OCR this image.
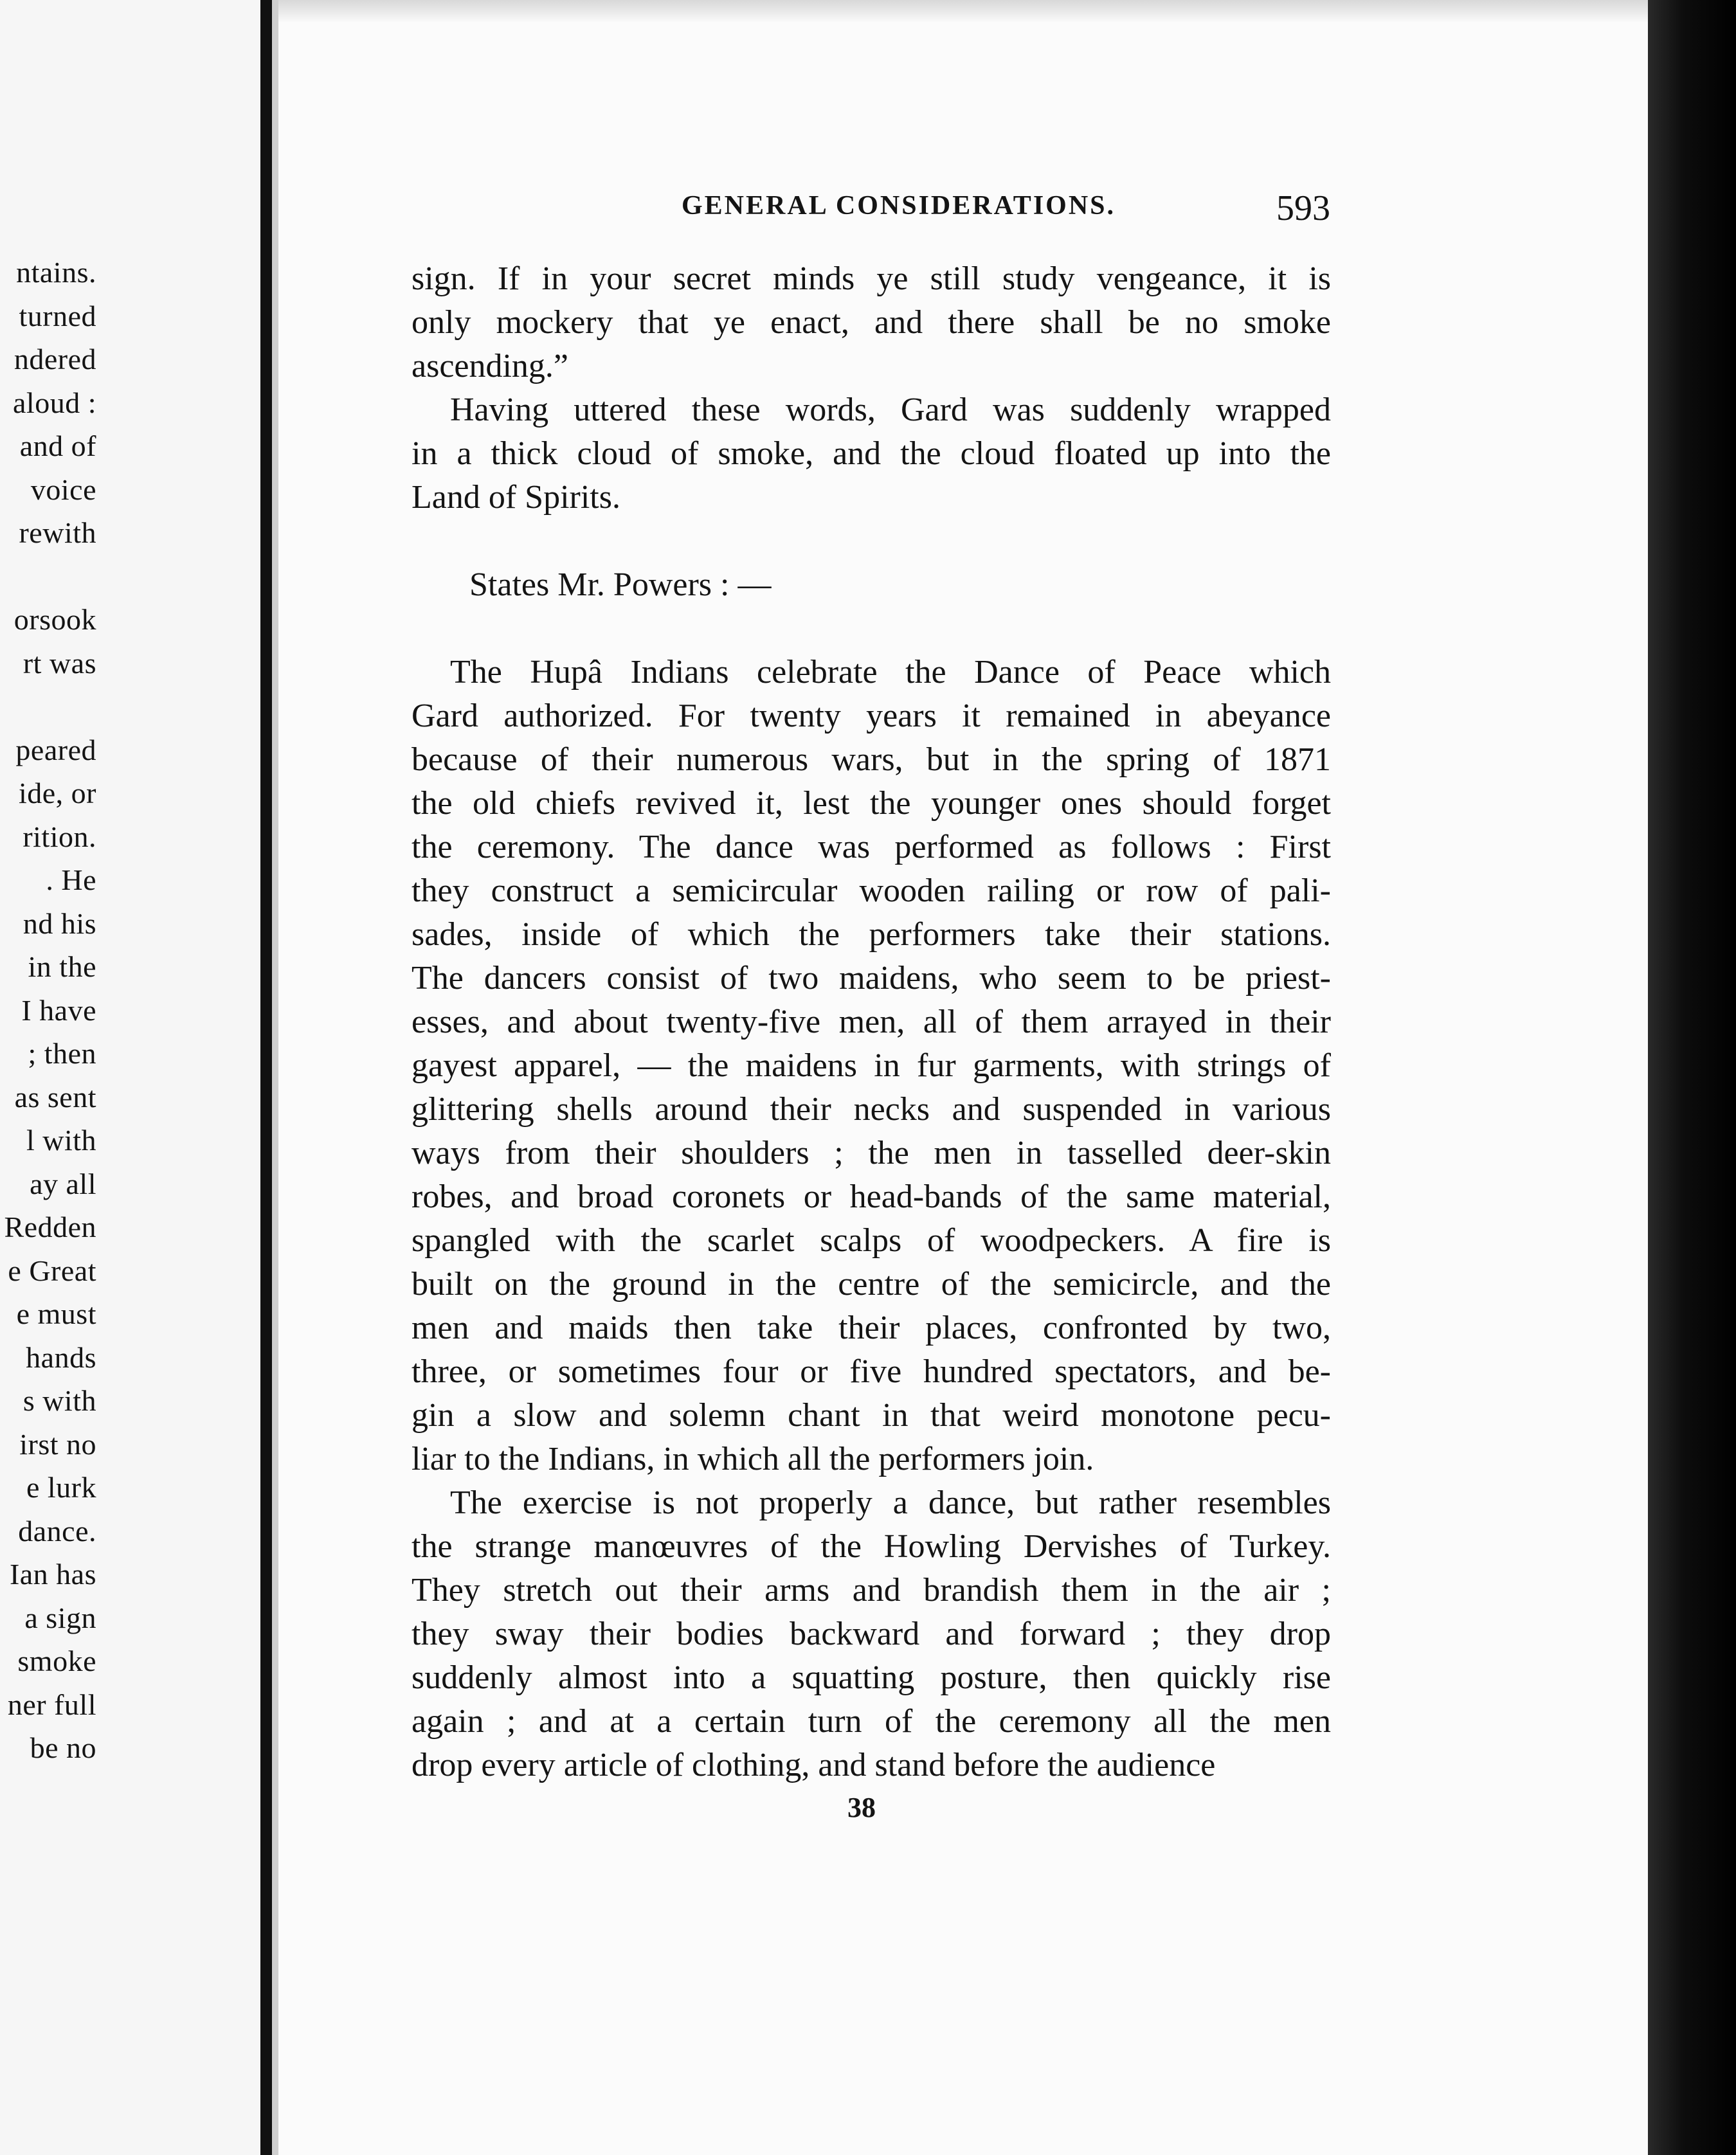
ntains.
turned
ndered
aloud :
and of
voice
rewith
orsook
rt was
peared
ide, or
rition.
. He
nd his
in the
I have
; then
as sent
l with
ay all
Redden
e Great
e must
hands
s with
irst no
e lurk
dance.
Ian has
a sign
smoke
ner full
be no
GENERAL CONSIDERATIONS.	593
sign. If in your secret minds ye still study vengeance, it is
only mockery that ye enact, and there shall be no smoke
ascending.”
Having uttered these words, Gard was suddenly wrapped
in a thick cloud of smoke, and the cloud floated up into the
Land of Spirits.
States Mr. Powers : —
The Hupâ Indians celebrate the Dance of Peace which
Gard authorized. For twenty years it remained in abeyance
because of their numerous wars, but in the spring of 1871
the old chiefs revived it, lest the younger ones should forget
the ceremony. The dance was performed as follows : First
they construct a semicircular wooden railing or row of pali-
sades, inside of which the performers take their stations.
The dancers consist of two maidens, who seem to be priest-
esses, and about twenty-five men, all of them arrayed in their
gayest apparel, — the maidens in fur garments, with strings of
glittering shells around their necks and suspended in various
ways from their shoulders ; the men in tasselled deer-skin
robes, and broad coronets or head-bands of the same material,
spangled with the scarlet scalps of woodpeckers. A fire is
built on the ground in the centre of the semicircle, and the
men and maids then take their places, confronted by two,
three, or sometimes four or five hundred spectators, and be-
gin a slow and solemn chant in that weird monotone pecu-
liar to the Indians, in which all the performers join.
The exercise is not properly a dance, but rather resembles
the strange manœuvres of the Howling Dervishes of Turkey.
They stretch out their arms and brandish them in the air ;
they sway their bodies backward and forward ; they drop
suddenly almost into a squatting posture, then quickly rise
again ; and at a certain turn of the ceremony all the men
drop every article of clothing, and stand before the audience
38
